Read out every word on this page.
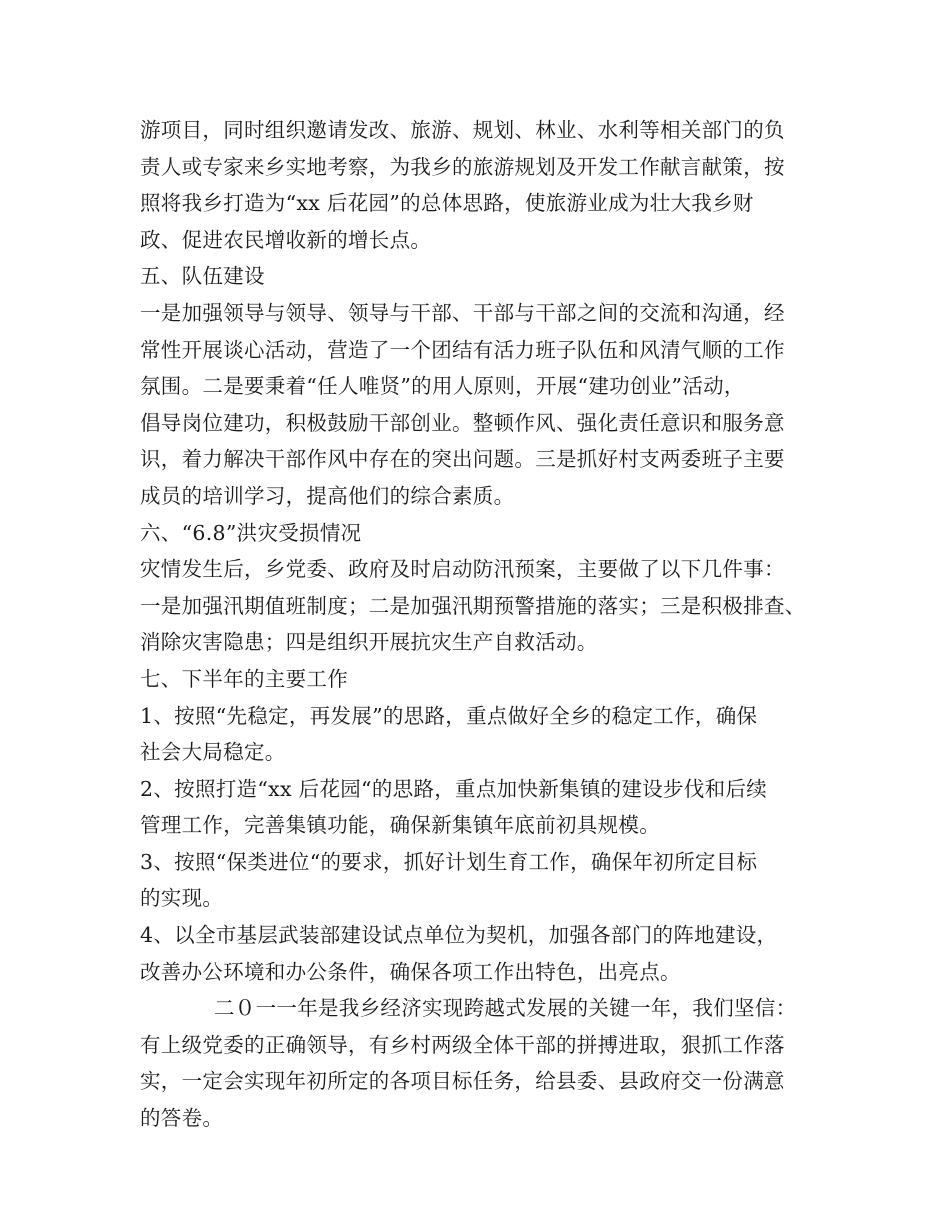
游项目，同时组织邀请发改、旅游、规划、林业、水利等相关部门的负
责人或专家来乡实地考察，为我乡的旅游规划及开发工作献言献策，按
照将我乡打造为“xx 后花园”的总体思路，使旅游业成为壮大我乡财
政、促进农民增收新的增长点。
五、队伍建设
一是加强领导与领导、领导与干部、干部与干部之间的交流和沟通，经
常性开展谈心活动，营造了一个团结有活力班子队伍和风清气顺的工作
氛围。二是要秉着“任人唯贤”的用人原则，开展“建功创业”活动，
倡导岗位建功，积极鼓励干部创业。整顿作风、强化责任意识和服务意
识，着力解决干部作风中存在的突出问题。三是抓好村支两委班子主要
成员的培训学习，提高他们的综合素质。
六、“6.8”洪灾受损情况
灾情发生后，乡党委、政府及时启动防汛预案，主要做了以下几件事：
一是加强汛期值班制度；二是加强汛期预警措施的落实；三是积极排查、
消除灾害隐患；四是组织开展抗灾生产自救活动。
七、下半年的主要工作
1、按照“先稳定，再发展”的思路，重点做好全乡的稳定工作，确保
社会大局稳定。
2、按照打造“xx 后花园“的思路，重点加快新集镇的建设步伐和后续
管理工作，完善集镇功能，确保新集镇年底前初具规模。
3、按照“保类进位“的要求，抓好计划生育工作，确保年初所定目标
的实现。
4、以全市基层武装部建设试点单位为契机，加强各部门的阵地建设，
改善办公环境和办公条件，确保各项工作出特色，出亮点。
二０一一年是我乡经济实现跨越式发展的关键一年，我们坚信：
有上级党委的正确领导，有乡村两级全体干部的拼搏进取，狠抓工作落
实，一定会实现年初所定的各项目标任务，给县委、县政府交一份满意
的答卷。
